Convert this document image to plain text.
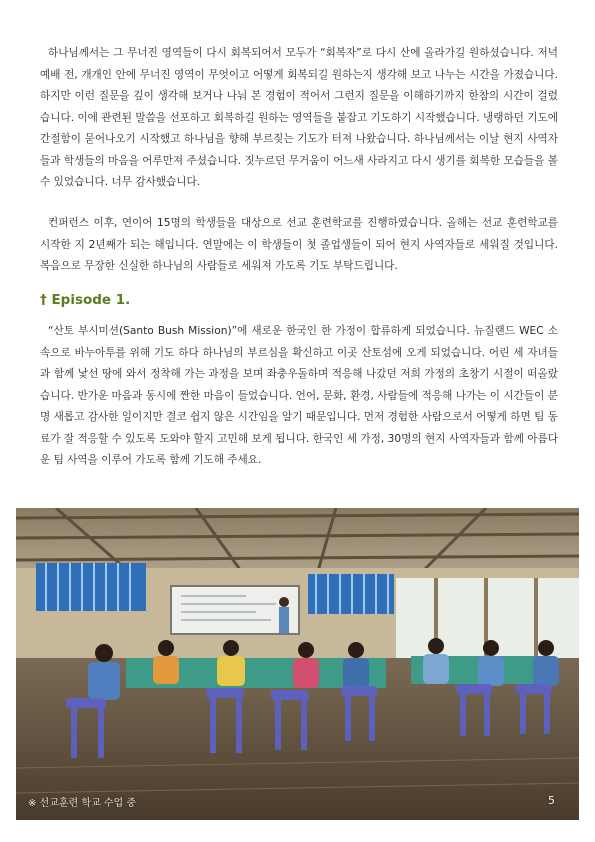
하나님께서는 그 무너진 영역들이 다시 회복되어서 모두가 “회복자”로 다시 산에 올라가길 원하셨습니다. 저녁 예배 전, 개개인 안에 무너진 영역이 무엇이고 어떻게 회복되길 원하는지 생각해 보고 나누는 시간을 가졌습니다.하지만 이런 질문을 깊이 생각해 보거나 나눠 본 경험이 적어서 그런지 질문을 이해하기까지 한참의 시간이 걸렸습니다. 이에 관련된 말씀을 선포하고 회복하길 원하는 영역들을 붙잡고 기도하기 시작했습니다. 냉랭하던 기도에 간절함이 묻어나오기 시작했고 하나님을 향해 부르짖는 기도가 터져 나왔습니다. 하나님께서는 이날 현지 사역자들과 학생들의 마음을 어루만져 주셨습니다. 짓누르던 무거움이 어느새 사라지고 다시 생기를 회복한 모습들을 볼 수 있었습니다. 너무 감사했습니다.

컨퍼런스 이후, 연이어 15명의 학생들을 대상으로 선교 훈련학교를 진행하였습니다. 올해는 선교 훈련학교를 시작한 지 2년째가 되는 해입니다. 연말에는 이 학생들이 첫 졸업생들이 되어 현지 사역자들로 세워질 것입니다. 복음으로 무장한 신실한 하나님의 사람들로 세워져 가도록 기도 부탁드립니다.

† Episode 1.

“산토 부시미션(Santo Bush Mission)”에 새로운 한국인 한 가정이 합류하게 되었습니다. 뉴질랜드 WEC 소속으로 바누아투를 위해 기도 하다 하나님의 부르심을 확신하고 이곳 산토섬에 오게 되었습니다. 어린 세 자녀들과 함께 낯선 땅에 와서 정착해 가는 과정을 보며 좌충우돌하며 적응해 나갔던 저희 가정의 초창기 시절이 떠올랐습니다. 반가운 마음과 동시에 짠한 마음이 들었습니다. 언어, 문화, 환경, 사람들에 적응해 나가는 이 시간들이 분명 새롭고 감사한 일이지만 결코 쉽지 않은 시간임을 알기 때문입니다. 먼저 경험한 사람으로서 어떻게 하면 팀 동료가 잘 적응할 수 있도록 도와야 할지 고민해 보게 됩니다. 한국인 세 가정, 30명의 현지 사역자들과 함께 아름다운 팀 사역을 이루어 가도록 함께 기도해 주세요.

※ 선교훈련 학교 수업 중	5
